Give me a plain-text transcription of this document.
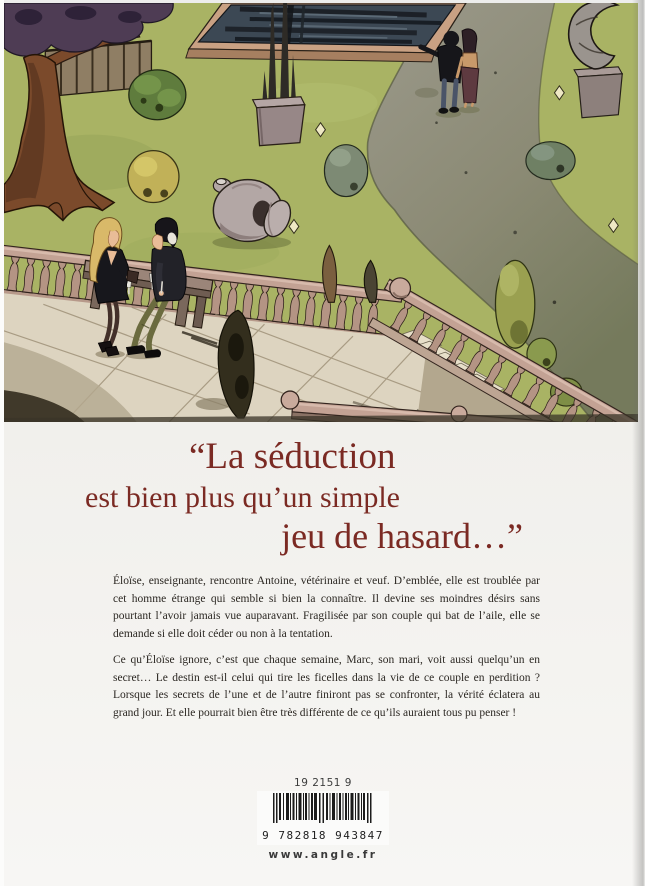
“La séduction
est bien plus qu’un simple
jeu de hasard…”

Éloïse, enseignante, rencontre Antoine, vétérinaire et veuf. D’emblée, elle est troublée par cet homme étrange qui semble si bien la connaître. Il devine ses moindres désirs sans pourtant l’avoir jamais vue auparavant. Fragilisée par son couple qui bat de l’aile, elle se demande si elle doit céder ou non à la tentation.

Ce qu’Éloïse ignore, c’est que chaque semaine, Marc, son mari, voit aussi quelqu’un en secret… Le destin est-il celui qui tire les ficelles dans la vie de ce couple en perdition ? Lorsque les secrets de l’une et de l’autre finiront pas se confronter, la vérité éclatera au grand jour. Et elle pourrait bien être très différente de ce qu’ils auraient tous pu penser !

19 2151 9
9 782818 943847
www.angle.fr
